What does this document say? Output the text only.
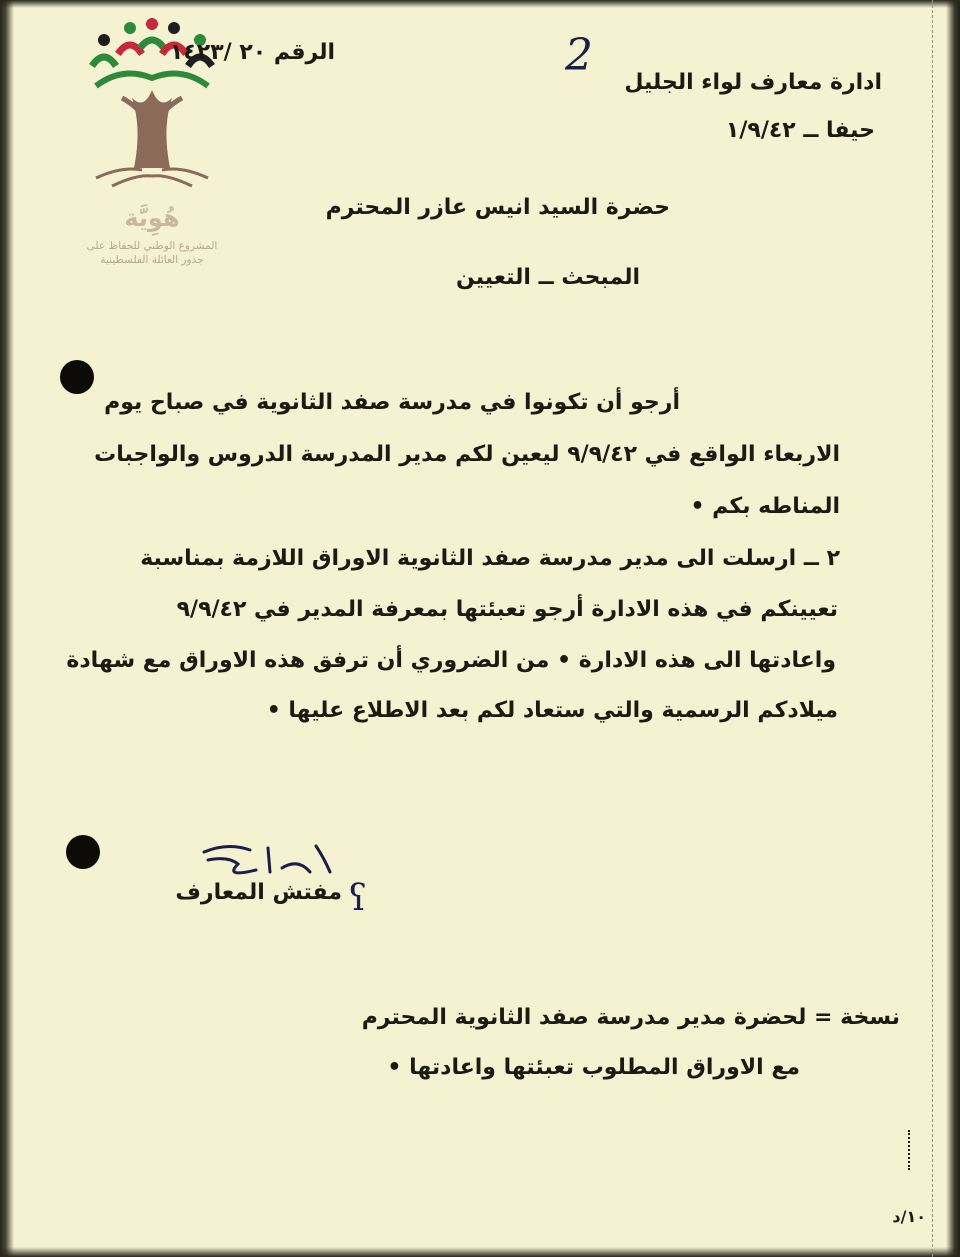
هُوِيَّة
المشروع الوطني للحفاظ على
جذور العائلة الفلسطينية
الرقم ٢٠ /١٤٢٣	2
ادارة معارف لواء الجليل
حيفا ــ ١/٩/٤٢
حضرة السيد انيس عازر المحترم
المبحث ــ التعيين
أرجو أن تكونوا في مدرسة صفد الثانوية في صباح يوم
الاربعاء الواقع في ٩/٩/٤٢ ليعين لكم مدير المدرسة الدروس والواجبات
المناطه بكم •
٢ ــ ارسلت الى مدير مدرسة صفد الثانوية الاوراق اللازمة بمناسبة
تعيينكم في هذه الادارة أرجو تعبئتها بمعرفة المدير في ٩/٩/٤٢
واعادتها الى هذه الادارة • من الضروري أن ترفق هذه الاوراق مع شهادة
ميلادكم الرسمية والتي ستعاد لكم بعد الاطلاع عليها •
مفتش المعارف ʕ
نسخة = لحضرة مدير مدرسة صفد الثانوية المحترم
مع الاوراق المطلوب تعبئتها واعادتها •
١٠/د
